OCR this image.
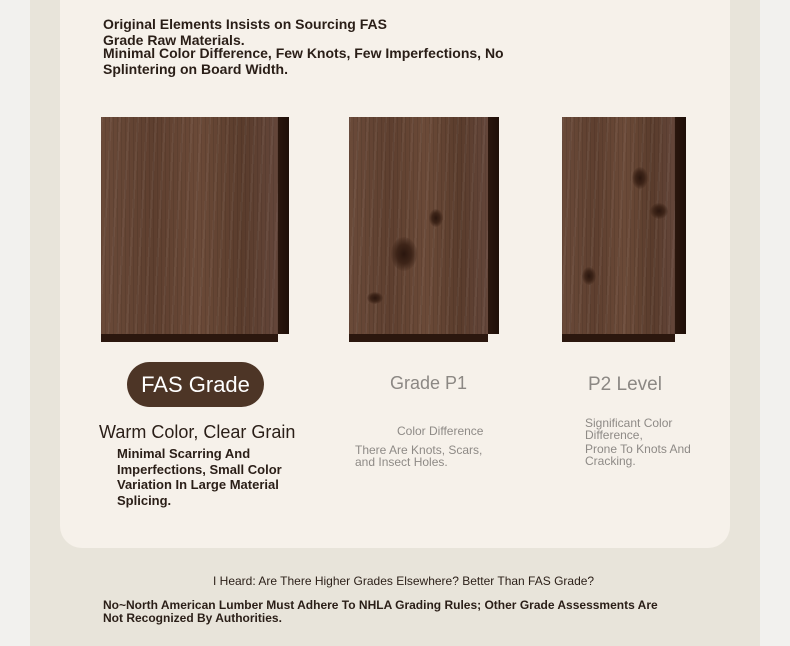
Original Elements Insists on Sourcing FAS Grade Raw Materials.
Minimal Color Difference, Few Knots, Few Imperfections, No Splintering on Board Width.
FAS Grade	Grade P1	P2 Level
Warm Color, Clear Grain
Minimal Scarring And Imperfections, Small Color Variation In Large Material Splicing.
Color Difference
There Are Knots, Scars, and Insect Holes.
Significant Color Difference,
Prone To Knots And Cracking.
I Heard: Are There Higher Grades Elsewhere? Better Than FAS Grade?
No~North American Lumber Must Adhere To NHLA Grading Rules; Other Grade Assessments Are Not Recognized By Authorities.
